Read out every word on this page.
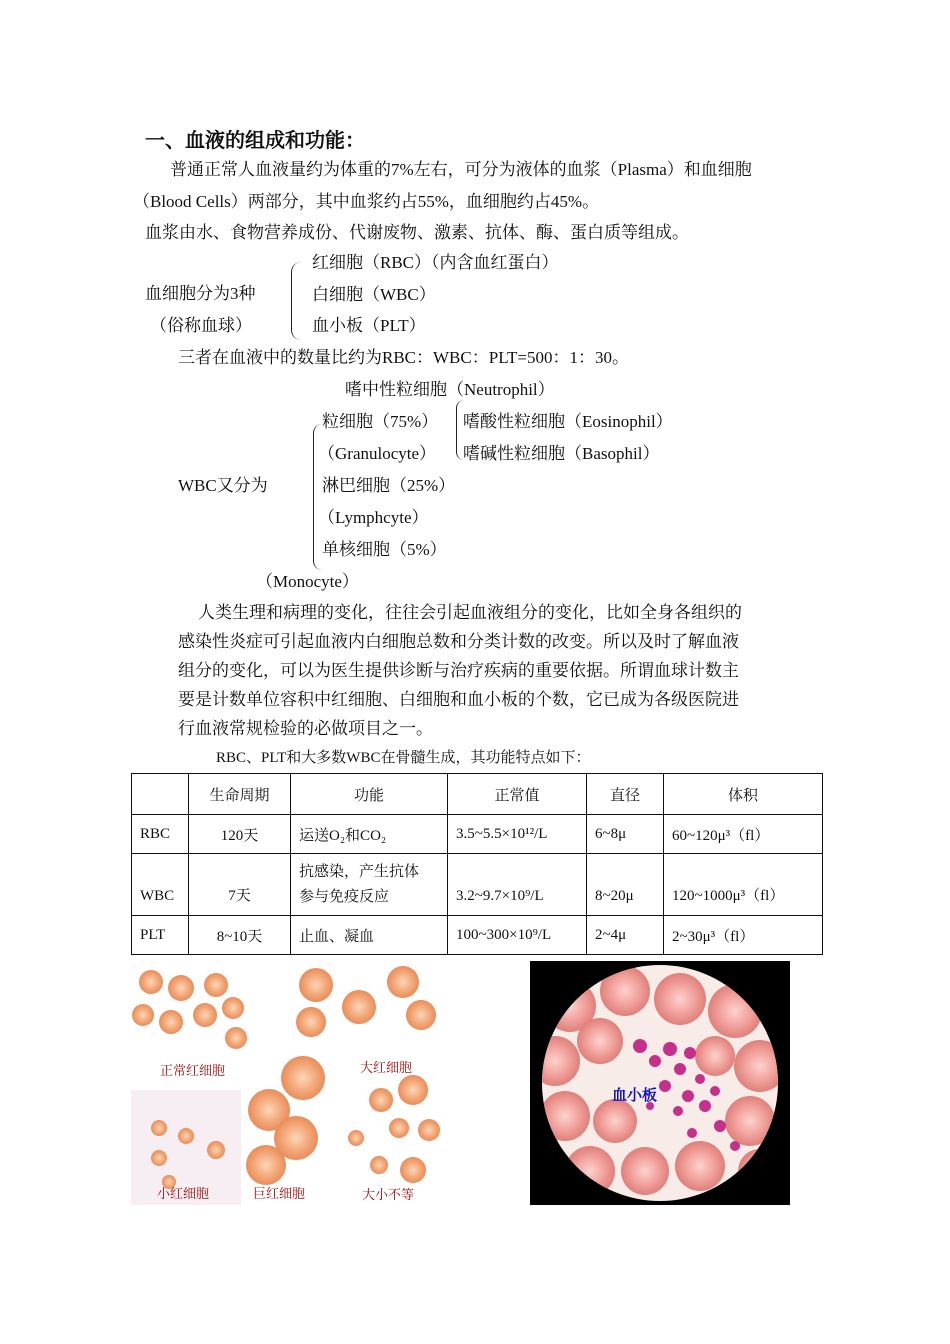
一、血液的组成和功能：
普通正常人血液量约为体重的7%左右，可分为液体的血浆（Plasma）和血细胞
（Blood Cells）两部分，其中血浆约占55%，血细胞约占45%。
血浆由水、食物营养成份、代谢废物、激素、抗体、酶、蛋白质等组成。
血细胞分为3种
（俗称血球）
红细胞（RBC）（内含血红蛋白）
白细胞（WBC）
血小板（PLT）
三者在血液中的数量比约为RBC：WBC：PLT=500：1：30。
嗜中性粒细胞（Neutrophil）
粒细胞（75%） 嗜酸性粒细胞（Eosinophil）
（Granulocyte） 嗜碱性粒细胞（Basophil）
WBC又分为	淋巴细胞（25%）
（Lymphcyte）
单核细胞（5%）
（Monocyte）
人类生理和病理的变化，往往会引起血液组分的变化，比如全身各组织的
感染性炎症可引起血液内白细胞总数和分类计数的改变。所以及时了解血液
组分的变化，可以为医生提供诊断与治疗疾病的重要依据。所谓血球计数主
要是计数单位容积中红细胞、白细胞和血小板的个数，它已成为各级医院进
行血液常规检验的必做项目之一。
RBC、PLT和大多数WBC在骨髓生成，其功能特点如下：
	生命周期	功能	正常值	直径	体积
RBC	120天	运送O₂和CO₂	3.5~5.5×10¹²/L	6~8μ	60~120μ³（fl）
WBC	7天	抗感染，产生抗体
参与免疫反应	3.2~9.7×10⁹/L	8~20μ	120~1000μ³（fl）
PLT	8~10天	止血、凝血	100~300×10⁹/L	2~4μ	2~30μ³（fl）
正常红细胞	大红细胞
小红细胞	巨红细胞	大小不等
血小板
